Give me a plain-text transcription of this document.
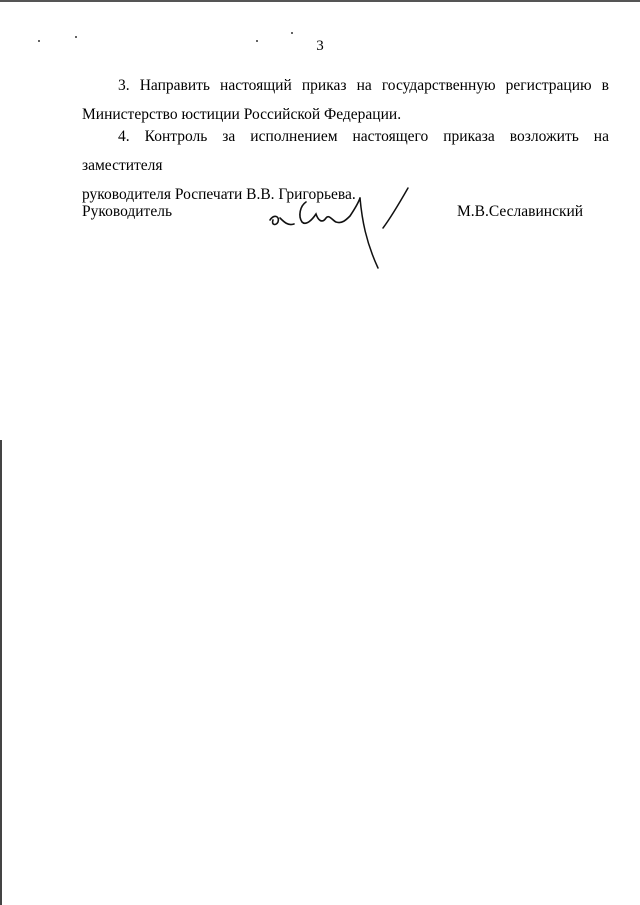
3
3. Направить настоящий приказ на государственную регистрацию в
Министерство юстиции Российской Федерации.
4. Контроль за исполнением настоящего приказа возложить на заместителя
руководителя Роспечати В.В. Григорьева.
Руководитель	М.В.Сеславинский
